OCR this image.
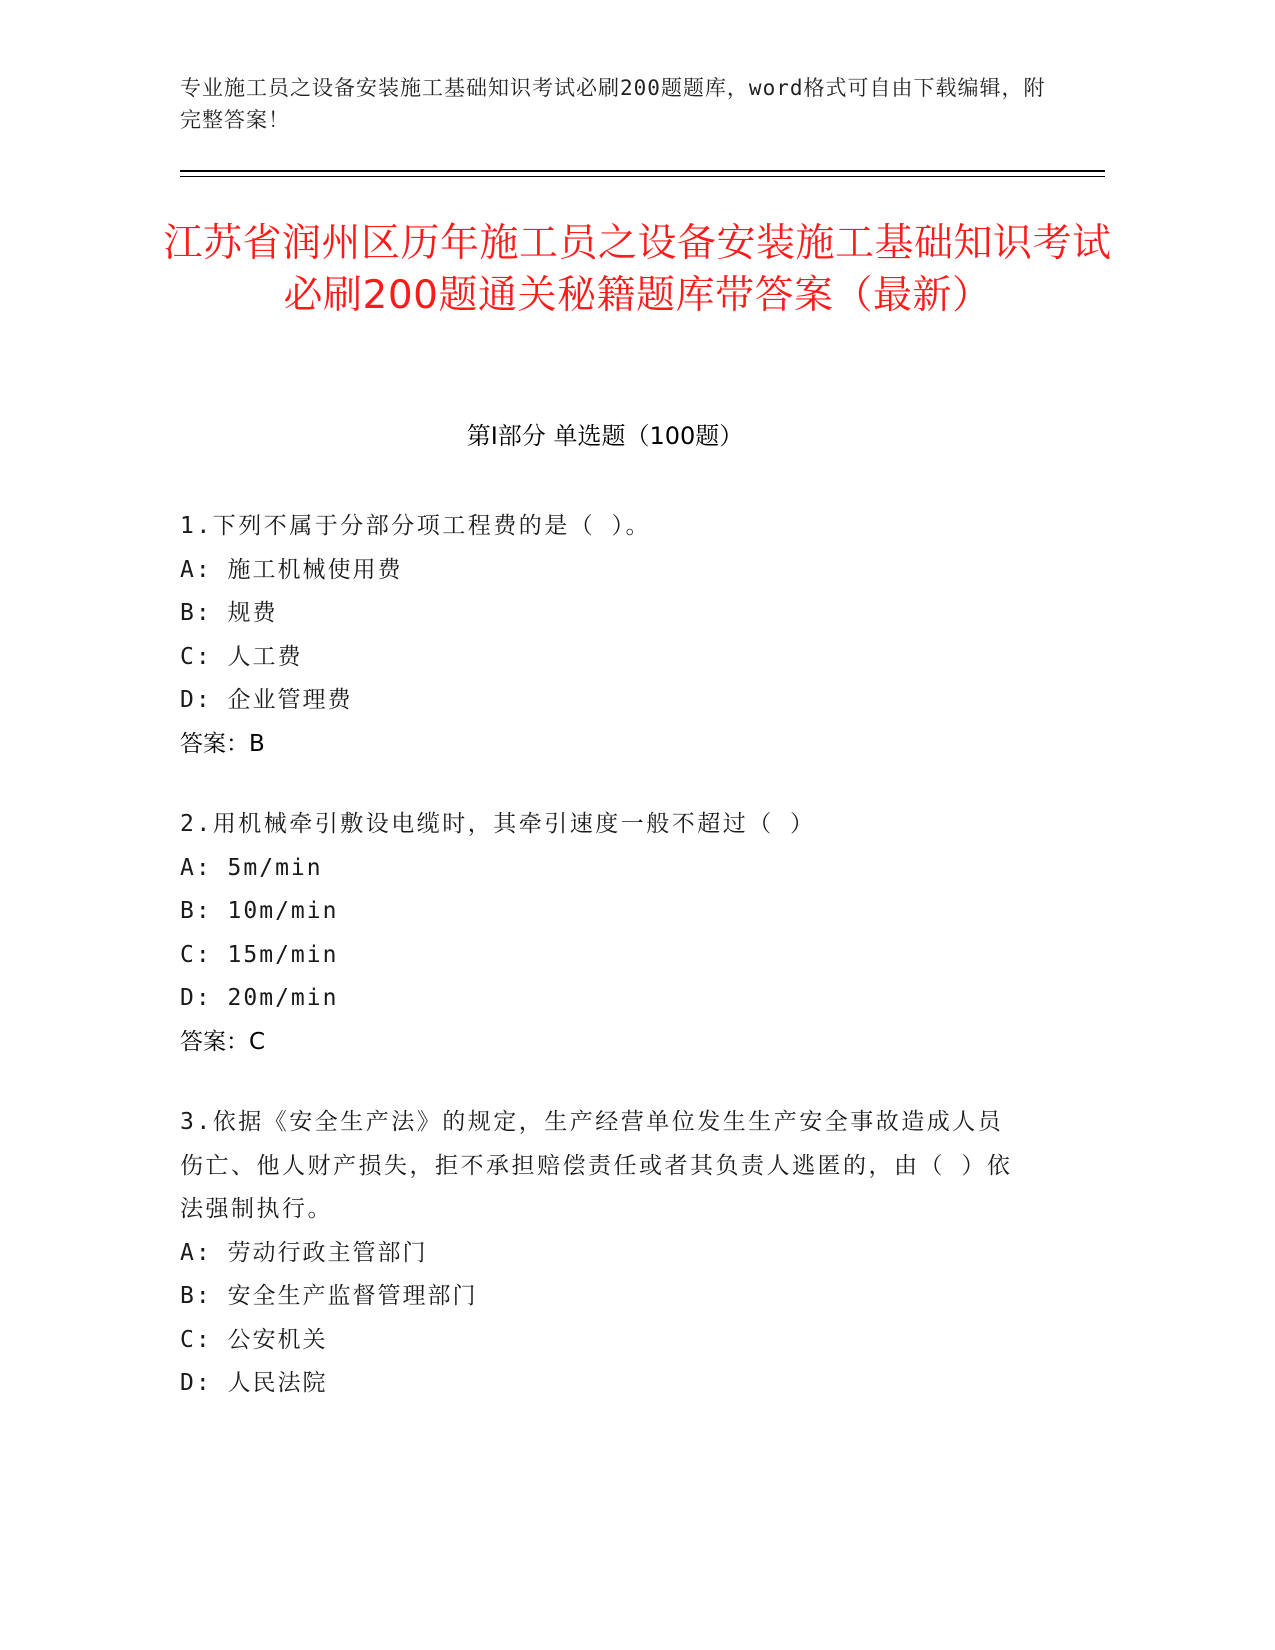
专业施工员之设备安装施工基础知识考试必刷200题题库，word格式可自由下载编辑，附完整答案！
江苏省润州区历年施工员之设备安装施工基础知识考试必刷200题通关秘籍题库带答案（最新）
第Ⅰ部分 单选题（100题）
1.下列不属于分部分项工程费的是（ ）。
A: 施工机械使用费
B: 规费
C: 人工费
D: 企业管理费
答案：B
2.用机械牵引敷设电缆时，其牵引速度一般不超过（ ）
A: 5m/min
B: 10m/min
C: 15m/min
D: 20m/min
答案：C
3.依据《安全生产法》的规定，生产经营单位发生生产安全事故造成人员伤亡、他人财产损失，拒不承担赔偿责任或者其负责人逃匿的，由（ ）依法强制执行。
A: 劳动行政主管部门
B: 安全生产监督管理部门
C: 公安机关
D: 人民法院
